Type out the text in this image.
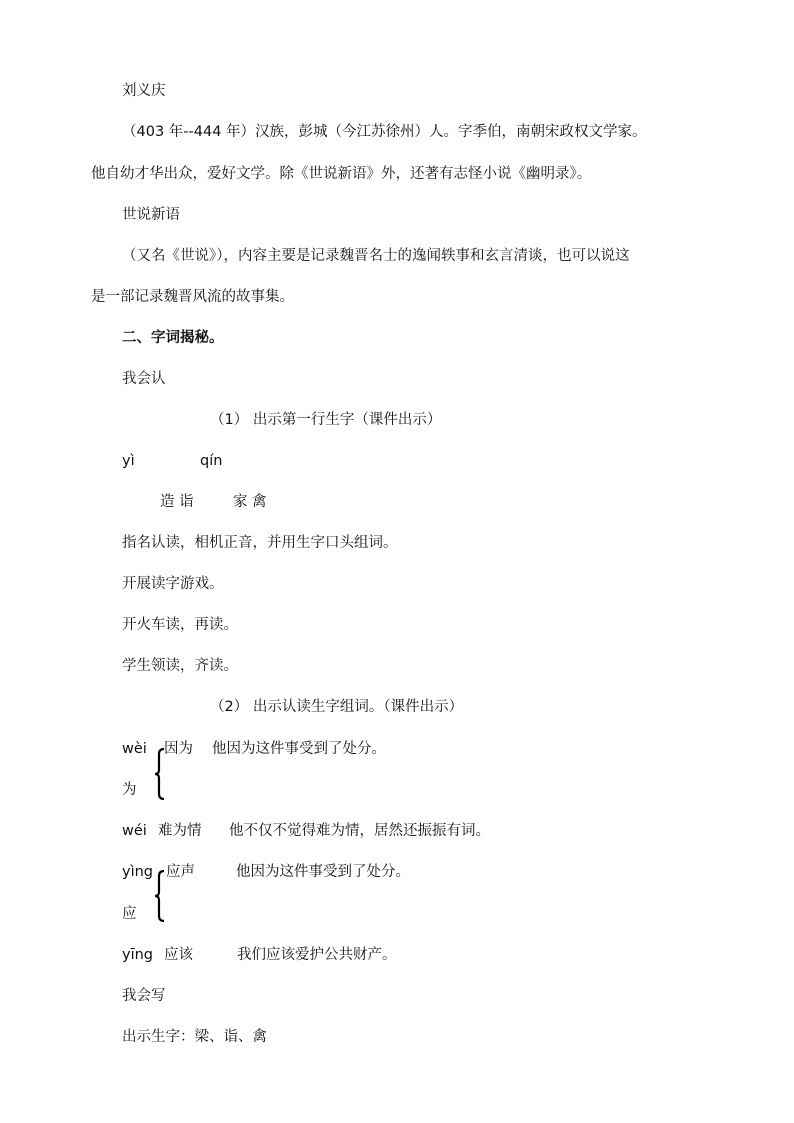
刘义庆
（403 年--444 年）汉族，彭城（今江苏徐州）人。字季伯，南朝宋政权文学家。
他自幼才华出众，爱好文学。除《世说新语》外，还著有志怪小说《幽明录》。
世说新语
（又名《世说》），内容主要是记录魏晋名士的逸闻轶事和玄言清谈，也可以说这
是一部记录魏晋风流的故事集。
二、字词揭秘。
我会认
（1） 出示第一行生字（课件出示）
yì	qín
造 诣	家 禽
指名认读，相机正音，并用生字口头组词。
开展读字游戏。
开火车读，再读。
学生领读，齐读。
（2） 出示认读生字组词。（课件出示）
wèi 因为 他因为这件事受到了处分。
为
wéi 难为情 他不仅不觉得难为情，居然还振振有词。
yìng 应声	他因为这件事受到了处分。
应
yīng 应该	我们应该爱护公共财产。
我会写
出示生字：梁、诣、禽
